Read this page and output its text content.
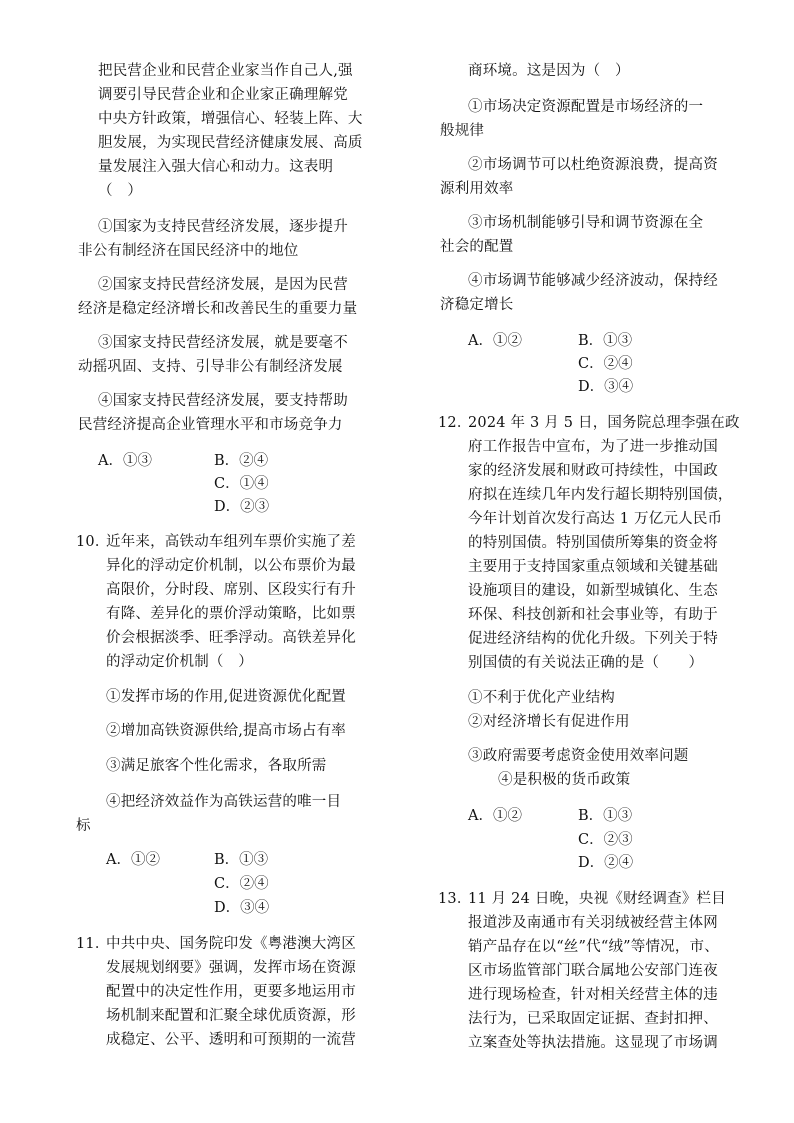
把民营企业和民营企业家当作自己人,强
调要引导民营企业和企业家正确理解党
中央方针政策，增强信心、轻装上阵、大
胆发展，为实现民营经济健康发展、高质
量发展注入强大信心和动力。这表明
（　）
①国家为支持民营经济发展，逐步提升
非公有制经济在国民经济中的地位
②国家支持民营经济发展，是因为民营
经济是稳定经济增长和改善民生的重要力量
③国家支持民营经济发展，就是要毫不
动摇巩固、支持、引导非公有制经济发展
④国家支持民营经济发展，要支持帮助
民营经济提高企业管理水平和市场竞争力
A．①③	B．②④
C．①④
D．②③
10．
近年来，高铁动车组列车票价实施了差
异化的浮动定价机制，以公布票价为最
高限价，分时段、席别、区段实行有升
有降、差异化的票价浮动策略，比如票
价会根据淡季、旺季浮动。高铁差异化
的浮动定价机制（　）
①发挥市场的作用,促进资源优化配置
②增加高铁资源供给,提高市场占有率
③满足旅客个性化需求，各取所需
④把经济效益作为高铁运营的唯一目
标
A．①②	B．①③
C．②④
D．③④
11．
中共中央、国务院印发《粤港澳大湾区
发展规划纲要》强调，发挥市场在资源
配置中的决定性作用，更要多地运用市
场机制来配置和汇聚全球优质资源，形
成稳定、公平、透明和可预期的一流营
商环境。这是因为（　）
①市场决定资源配置是市场经济的一
般规律
②市场调节可以杜绝资源浪费，提高资
源利用效率
③市场机制能够引导和调节资源在全
社会的配置
④市场调节能够减少经济波动，保持经
济稳定增长
A．①②	B．①③
C．②④
D．③④
12．
2024 年 3 月 5 日，国务院总理李强在政
府工作报告中宣布，为了进一步推动国
家的经济发展和财政可持续性，中国政
府拟在连续几年内发行超长期特别国债，
今年计划首次发行高达 1 万亿元人民币
的特别国债。特别国债所筹集的资金将
主要用于支持国家重点领域和关键基础
设施项目的建设，如新型城镇化、生态
环保、科技创新和社会事业等，有助于
促进经济结构的优化升级。下列关于特
别国债的有关说法正确的是（　　）
①不利于优化产业结构
②对经济增长有促进作用
③政府需要考虑资金使用效率问题
④是积极的货币政策
A．①②	B．①③
C．②③
D．②④
13．
11 月 24 日晚，央视《财经调查》栏目
报道涉及南通市有关羽绒被经营主体网
销产品存在以“丝”代“绒”等情况，市、
区市场监管部门联合属地公安部门连夜
进行现场检查，针对相关经营主体的违
法行为，已采取固定证据、查封扣押、
立案查处等执法措施。这显现了市场调
